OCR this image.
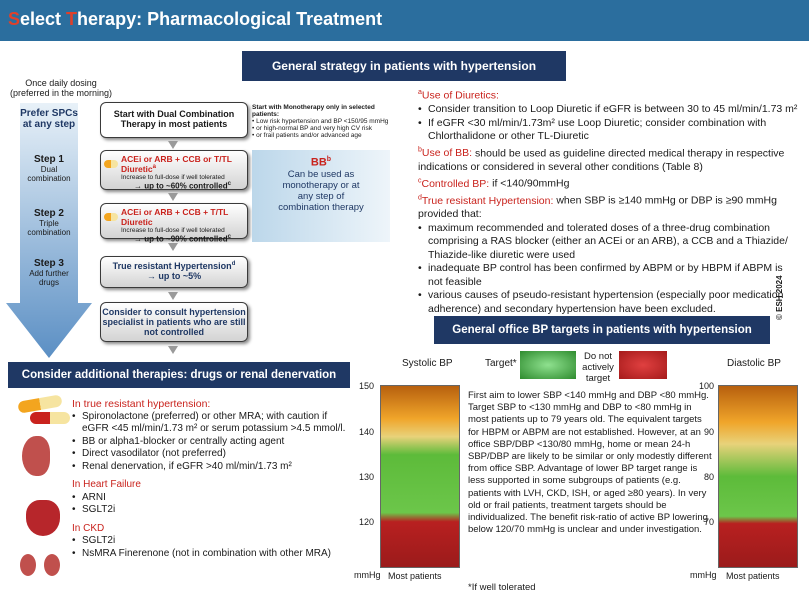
Select Therapy: Pharmacological Treatment
General strategy in patients with hypertension
Once daily dosing (preferred in the morning)
Prefer SPCs at any step
Step 1
Dual combination
Step 2
Triple combination
Step 3
Add further drugs
Start with Dual Combination Therapy in most patients
ACEi or ARB + CCB or T/TL Diuretic$^a$
Increase to full-dose if well tolerated
→ up to ~60% controlled$^c$
ACEi or ARB + CCB + T/TL Diuretic
Increase to full-dose if well tolerated
→ up to ~90% controlled$^c$
True resistant Hypertension$^d$
→ up to ~5%
Consider to consult hypertension specialist in patients who are still not controlled
Start with Monotherapy only in selected patients:
• Low risk hypertension and BP <150/95 mmHg
• or high-normal BP and very high CV risk
• or frail patients and/or advanced age
$BB^b$
Can be used as monotherapy or at any step of combination therapy
$^a$Use of Diuretics:
• Consider transition to Loop Diuretic if eGFR is between 30 to 45 ml/min/1.73 m²
• If eGFR <30 ml/min/1.73m² use Loop Diuretic; consider combination with Chlorthalidone or other TL-Diuretic
$^b$Use of BB: should be used as guideline directed medical therapy in respective indications or considered in several other conditions (Table 8)
$^c$Controlled BP: if <140/90mmHg
$^d$True resistant Hypertension: when SBP is ≥140 mmHg or DBP is ≥90 mmHg provided that:
• maximum recommended and tolerated doses of a three-drug combination comprising a RAS blocker (either an ACEi or an ARB), a CCB and a Thiazide/ Thiazide-like diuretic were used
• inadequate BP control has been confirmed by ABPM or by HBPM if ABPM is not feasible
• various causes of pseudo-resistant hypertension (especially poor medication adherence) and secondary hypertension have been excluded.	© ESH 2024
Consider additional therapies: drugs or renal denervation
In true resistant hypertension:
• Spironolactone (preferred) or other MRA; with caution if eGFR <45 ml/min/1.73 m² or serum potassium >4.5 mmol/l.
• BB or alpha1-blocker or centrally acting agent
• Direct vasodilator (not preferred)
• Renal denervation, if eGFR >40 ml/min/1.73 m²
In Heart Failure
• ARNI
• SGLT2i
In CKD
• SGLT2i
• NsMRA Finerenone (not in combination with other MRA)
General office BP targets in patients with hypertension
Systolic BP	Target*
Do not actively target
Diastolic BP
150
140
130
120
mmHg Most patients
100
90
80
70
mmHg Most patients
First aim to lower SBP <140 mmHg and DBP <80 mmHg. Target SBP to <130 mmHg and DBP to <80 mmHg in most patients up to 79 years old. The equivalent targets for HBPM or ABPM are not established. However, at an office SBP/DBP <130/80 mmHg, home or mean 24-h SBP/DBP are likely to be similar or only modestly different from office SBP. Advantage of lower BP target range is less supported in some subgroups of patients (e.g. patients with LVH, CKD, ISH, or aged ≥80 years). In very old or frail patients, treatment targets should be individualized. The benefit risk-ratio of active BP lowering below 120/70 mmHg is unclear and under investigation.
*If well tolerated
